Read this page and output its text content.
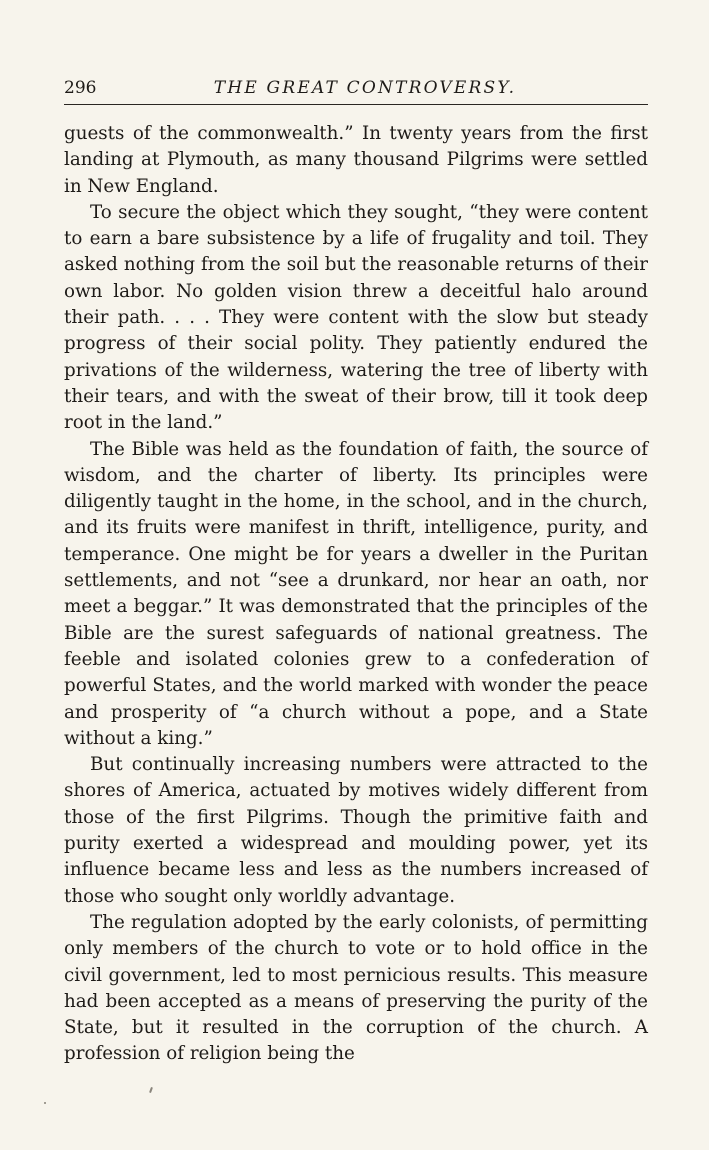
296	THE GREAT CONTROVERSY.

guests of the commonwealth.” In twenty years from the first landing at Plymouth, as many thousand Pilgrims were settled in New England.

To secure the object which they sought, “they were content to earn a bare subsistence by a life of frugality and toil. They asked nothing from the soil but the reasonable returns of their own labor. No golden vision threw a deceitful halo around their path. . . . They were content with the slow but steady progress of their social polity. They patiently endured the privations of the wilderness, watering the tree of liberty with their tears, and with the sweat of their brow, till it took deep root in the land.”

The Bible was held as the foundation of faith, the source of wisdom, and the charter of liberty. Its principles were diligently taught in the home, in the school, and in the church, and its fruits were manifest in thrift, intelligence, purity, and temperance. One might be for years a dweller in the Puritan settlements, and not “see a drunkard, nor hear an oath, nor meet a beggar.” It was demonstrated that the principles of the Bible are the surest safeguards of national greatness. The feeble and isolated colonies grew to a confederation of powerful States, and the world marked with wonder the peace and prosperity of “a church without a pope, and a State without a king.”

But continually increasing numbers were attracted to the shores of America, actuated by motives widely different from those of the first Pilgrims. Though the primitive faith and purity exerted a widespread and moulding power, yet its influence became less and less as the numbers increased of those who sought only worldly advantage.

The regulation adopted by the early colonists, of permitting only members of the church to vote or to hold office in the civil government, led to most pernicious results. This measure had been accepted as a means of preserving the purity of the State, but it resulted in the corruption of the church. A profession of religion being the
